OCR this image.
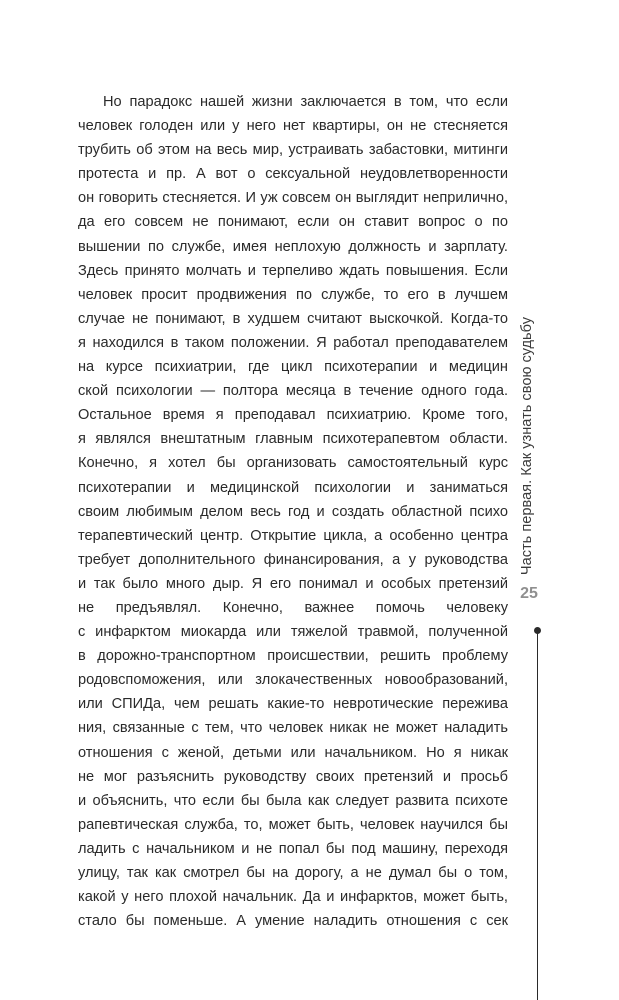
Но парадокс нашей жизни заключается в том, что если
человек голоден или у него нет квартиры, он не стесняется
трубить об этом на весь мир, устраивать забастовки, митинги
протеста и пр. А вот о сексуальной неудовлетворенности
он говорить стесняется. И уж совсем он выглядит неприлично,
да его совсем не понимают, если он ставит вопрос о по
вышении по службе, имея неплохую должность и зарплату.
Здесь принято молчать и терпеливо ждать повышения. Если
человек просит продвижения по службе, то его в лучшем
случае не понимают, в худшем считают выскочкой. Когда-то
я находился в таком положении. Я работал преподавателем
на курсе психиатрии, где цикл психотерапии и медицин
ской психологии — полтора месяца в течение одного года.
Остальное время я преподавал психиатрию. Кроме того,
я являлся внештатным главным психотерапевтом области.
Конечно, я хотел бы организовать самостоятельный курс
психотерапии и медицинской психологии и заниматься
своим любимым делом весь год и создать областной психо
терапевтический центр. Открытие цикла, а особенно центра
требует дополнительного финансирования, а у руководства
и так было много дыр. Я его понимал и особых претензий
не предъявлял. Конечно, важнее помочь человеку
с инфарктом миокарда или тяжелой травмой, полученной
в дорожно-транспортном происшествии, решить проблему
родовспоможения, или злокачественных новообразований,
или СПИДа, чем решать какие-то невротические пережива
ния, связанные с тем, что человек никак не может наладить
отношения с женой, детьми или начальником. Но я никак
не мог разъяснить руководству своих претензий и просьб
и объяснить, что если бы была как следует развита психоте
рапевтическая служба, то, может быть, человек научился бы
ладить с начальником и не попал бы под машину, переходя
улицу, так как смотрел бы на дорогу, а не думал бы о том,
какой у него плохой начальник. Да и инфарктов, может быть,
стало бы поменьше. А умение наладить отношения с сек
Часть первая. Как узнать свою судьбу
25
